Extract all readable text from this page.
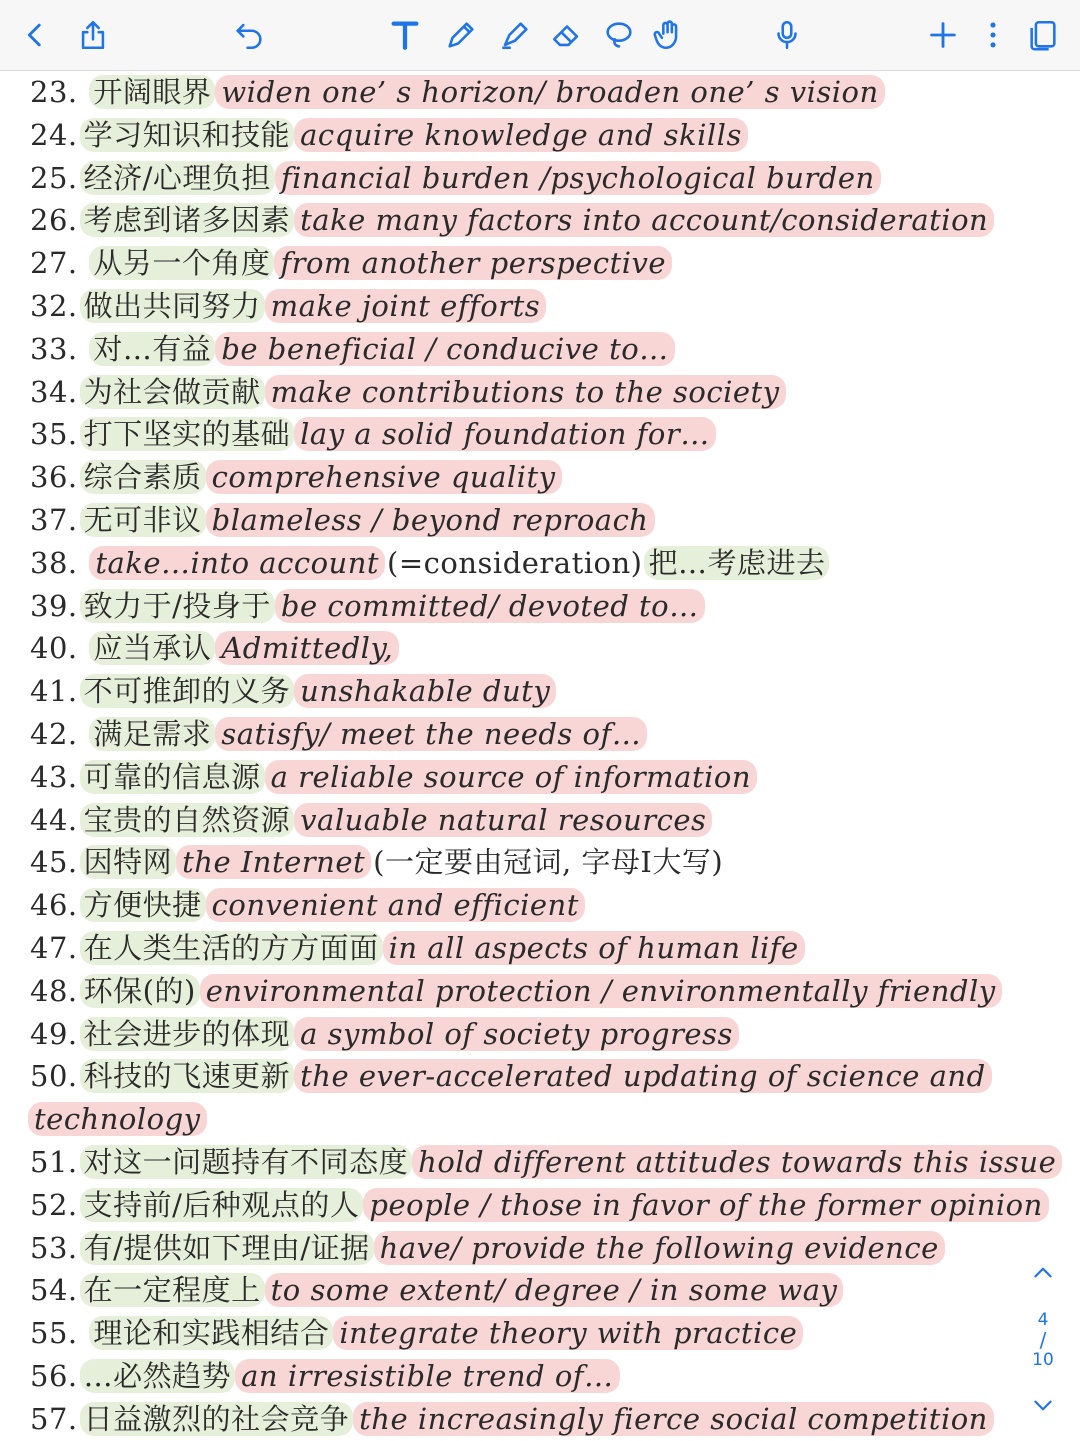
23. 开阔眼界 widen one’ s horizon/ broaden one’ s vision
24. 学习知识和技能 acquire knowledge and skills
25. 经济/心理负担 financial burden /psychological burden
26. 考虑到诸多因素 take many factors into account/consideration
27. 从另一个角度 from another perspective
32. 做出共同努力 make joint efforts
33. 对…有益 be beneficial / conducive to…
34. 为社会做贡献 make contributions to the society
35. 打下坚实的基础 lay a solid foundation for…
36. 综合素质 comprehensive quality
37. 无可非议 blameless / beyond reproach
38. take…into account (=consideration) 把…考虑进去
39. 致力于/投身于 be committed/ devoted to…
40. 应当承认 Admittedly,
41. 不可推卸的义务 unshakable duty
42. 满足需求 satisfy/ meet the needs of…
43. 可靠的信息源 a reliable source of information
44. 宝贵的自然资源 valuable natural resources
45. 因特网 the Internet (一定要由冠词, 字母I大写)
46. 方便快捷 convenient and efficient
47. 在人类生活的方方面面 in all aspects of human life
48. 环保(的) environmental protection / environmentally friendly
49. 社会进步的体现 a symbol of society progress
50. 科技的飞速更新 the ever-accelerated updating of science and
technology
51. 对这一问题持有不同态度 hold different attitudes towards this issue
52. 支持前/后种观点的人 people / those in favor of the former opinion
53. 有/提供如下理由/证据 have/ provide the following evidence
54. 在一定程度上 to some extent/ degree / in some way
55. 理论和实践相结合 integrate theory with practice
56. …必然趋势 an irresistible trend of…
57. 日益激烈的社会竞争 the increasingly fierce social competition
4
/
10
